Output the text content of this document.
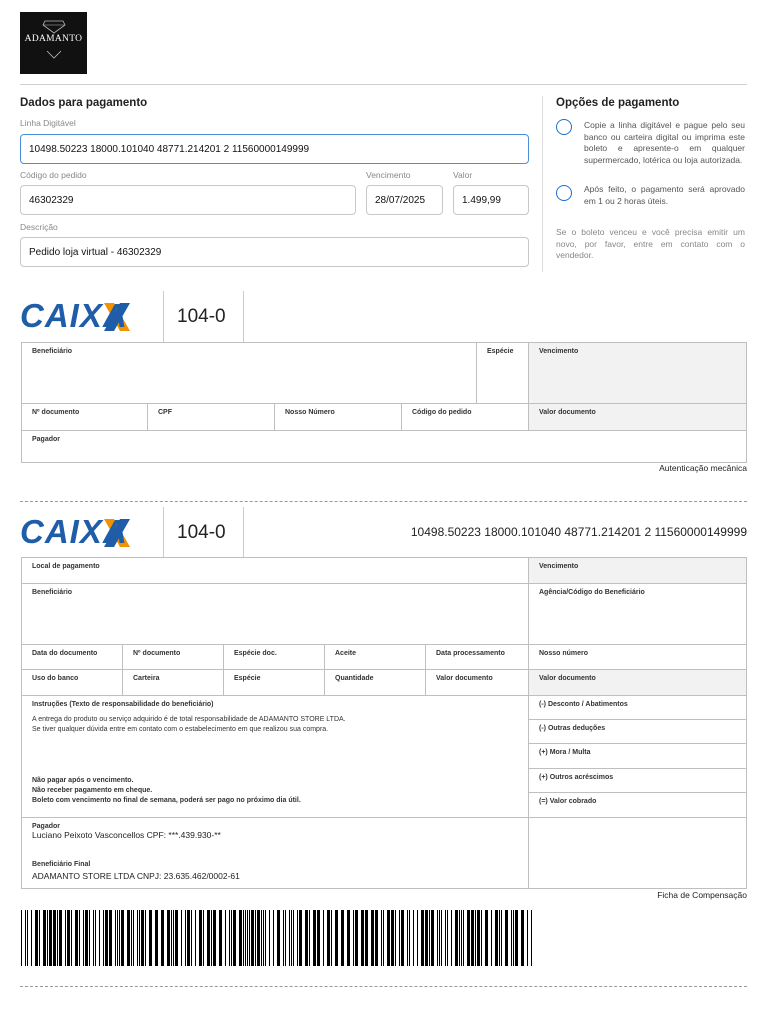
ADAMANTO
Dados para pagamento
Linha Digitável
10498.50223 18000.101040 48771.214201 2 11560000149999
Código do pedido
46302329
Vencimento
28/07/2025
Valor
1.499,99
Descrição
Pedido loja virtual - 46302329
Opções de pagamento
Copie a linha digitável e pague pelo seu banco ou carteira digital ou imprima este boleto e apresente-o em qualquer supermercado, lotérica ou loja autorizada.
Após feito, o pagamento será aprovado em 1 ou 2 horas úteis.
Se o boleto venceu e você precisa emitir um novo, por favor, entre em contato com o vendedor.
CAIXA	104-0
Beneficiário	Espécie	Vencimento
Nº documento	CPF	Nosso Número	Código do pedido	Valor documento
Pagador
Autenticação mecânica
CAIXA	104-0	10498.50223 18000.101040 48771.214201 2 11560000149999
Local de pagamento	Vencimento
Beneficiário	Agência/Código do Beneficiário
Data do documento	Nº documento	Espécie doc.	Aceite	Data processamento	Nosso número
Uso do banco	Carteira	Espécie	Quantidade	Valor documento	Valor documento
Instruções (Texto de responsabilidade do beneficiário)
A entrega do produto ou serviço adquirido é de total responsabilidade de ADAMANTO STORE LTDA.
Se tiver qualquer dúvida entre em contato com o estabelecimento em que realizou sua compra.
Não pagar após o vencimento.
Não receber pagamento em cheque.
Boleto com vencimento no final de semana, poderá ser pago no próximo dia útil.
(-) Desconto / Abatimentos
(-) Outras deduções
(+) Mora / Multa
(+) Outros acréscimos
(=) Valor cobrado
Pagador
Luciano Peixoto Vasconcellos CPF: ***.439.930-**
Beneficiário Final
ADAMANTO STORE LTDA CNPJ: 23.635.462/0002-61
Ficha de Compensação
